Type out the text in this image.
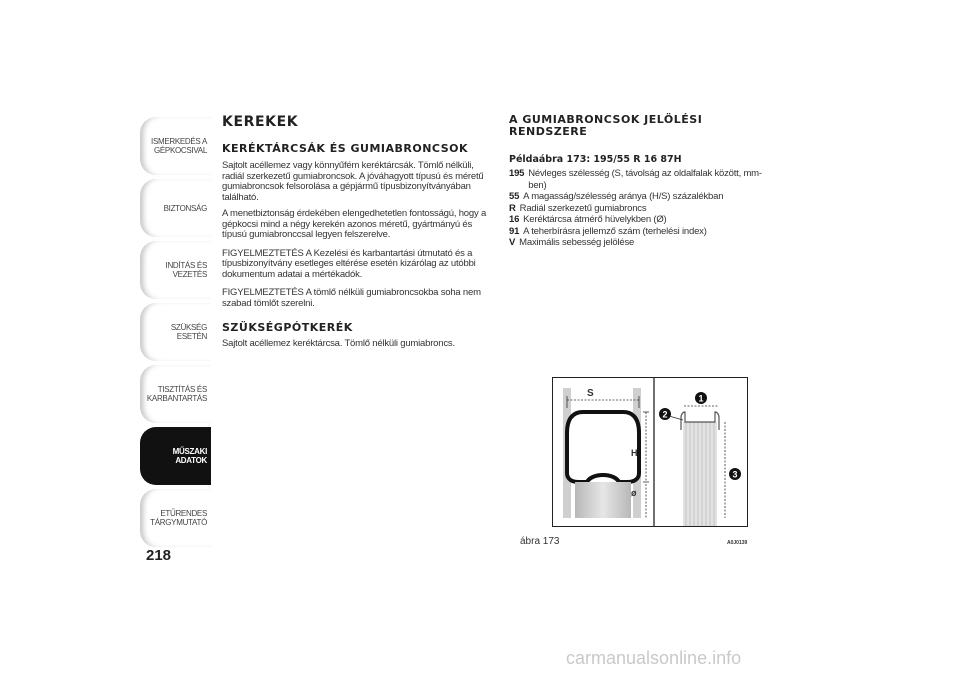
ISMERKEDÉS A
GÉPKOCSIVAL
BIZTONSÁG
INDÍTÁS ÉS VEZETÉS
SZÜKSÉG ESETÉN
TISZTÍTÁS ÉS
KARBANTARTÁS
MŰSZAKI
ADATOK
ETŰRENDES
TÁRGYMUTATÓ
218

KEREKEK

KERÉKTÁRCSÁK ÉS GUMIABRONCSOK

Sajtolt acéllemez vagy könnyűfém keréktárcsák. Tömlő nélküli, radiál szerkezetű gumiabroncsok. A jóváhagyott típusú és méretű gumiabroncsok felsorolása a gépjármű típusbizonyítványában található.

A menetbiztonság érdekében elengedhetetlen fontosságú, hogy a gépkocsi mind a négy kerekén azonos méretű, gyártmányú és típusú gumiabronccsal legyen felszerelve.

FIGYELMEZTETÉS A Kezelési és karbantartási útmutató és a típusbizonyítvány esetleges eltérése esetén kizárólag az utóbbi dokumentum adatai a mértékadók.

FIGYELMEZTETÉS A tömlő nélküli gumiabroncsokba soha nem szabad tömlőt szerelni.

SZÜKSÉGPÓTKERÉK

Sajtolt acéllemez keréktárcsa. Tömlő nélküli gumiabroncs.

A GUMIABRONCSOK JELÖLÉSI
RENDSZERE

Példaábra 173: 195/55 R 16 87H

195 Névleges szélesség (S, távolság az oldalfalak között, mm-ben)
55 A magasság/szélesség aránya (H/S) százalékban
R Radiál szerkezetű gumiabroncs
16 Keréktárcsa átmérő hüvelykben (Ø)
91 A teherbírásra jellemző szám (terhelési index)
V Maximális sebesség jelölése
S
H
ø
1
2
3
ábra 173	A0J0139
carmanualsonline.info
